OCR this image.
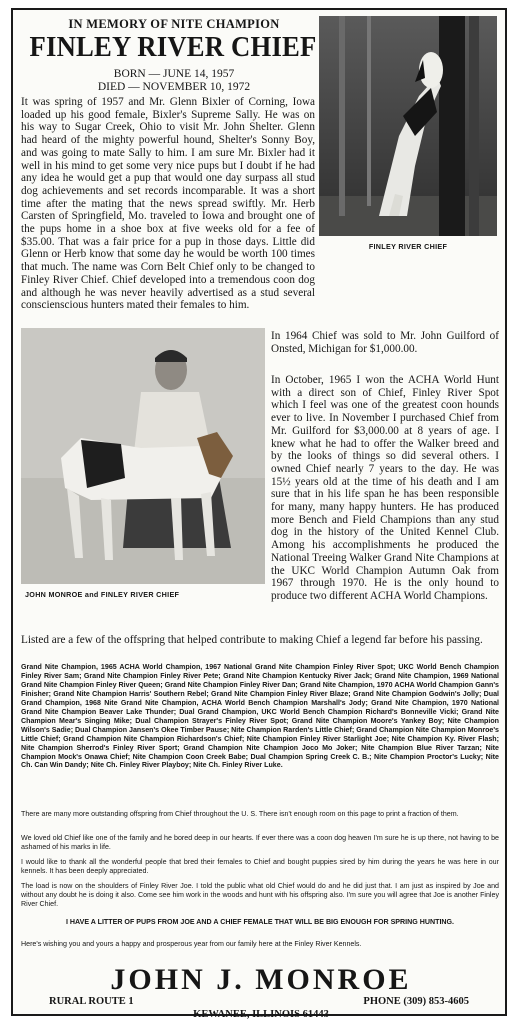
IN MEMORY OF NITE CHAMPION
FINLEY RIVER CHIEF
BORN — JUNE 14, 1957
DIED — NOVEMBER 10, 1972
FINLEY RIVER CHIEF
It was spring of 1957 and Mr. Glenn Bixler of Corning, Iowa loaded up his good female, Bixler's Supreme Sally. He was on his way to Sugar Creek, Ohio to visit Mr. John Shelter. Glenn had heard of the mighty powerful hound, Shelter's Sonny Boy, and was going to mate Sally to him. I am sure Mr. Bixler had it well in his mind to get some very nice pups but I doubt if he had any idea he would get a pup that would one day surpass all stud dog achievements and set records incomparable. It was a short time after the mating that the news spread swiftly. Mr. Herb Carsten of Springfield, Mo. traveled to Iowa and brought one of the pups home in a shoe box at five weeks old for a fee of $35.00. That was a fair price for a pup in those days. Little did Glenn or Herb know that some day he would be worth 100 times that much. The name was Corn Belt Chief only to be changed to Finley River Chief. Chief developed into a tremendous coon dog and although he was never heavily advertised as a stud several conscienscious hunters mated their females to him.
JOHN MONROE and FINLEY RIVER CHIEF
In 1964 Chief was sold to Mr. John Guilford of Onsted, Michigan for $1,000.00.
In October, 1965 I won the ACHA World Hunt with a direct son of Chief, Finley River Spot which I feel was one of the greatest coon hounds ever to live. In November I purchased Chief from Mr. Guilford for $3,000.00 at 8 years of age. I knew what he had to offer the Walker breed and by the looks of things so did several others. I owned Chief nearly 7 years to the day. He was 15½ years old at the time of his death and I am sure that in his life span he has been responsible for many, many happy hunters. He has produced more Bench and Field Champions than any stud dog in the history of the United Kennel Club. Among his accomplishments he produced the National Treeing Walker Grand Nite Champions at the UKC World Champion Autumn Oak from 1967 through 1970. He is the only hound to produce two different ACHA World Champions.
Listed are a few of the offspring that helped contribute to making Chief a legend far before his passing.
Grand Nite Champion, 1965 ACHA World Champion, 1967 National Grand Nite Champion Finley River Spot; UKC World Bench Champion Finley River Sam; Grand Nite Champion Finley River Pete; Grand Nite Champion Kentucky River Jack; Grand Nite Champion, 1969 National Grand Nite Champion Finley River Queen; Grand Nite Champion Finley River Dan; Grand Nite Champion, 1970 ACHA World Champion Gann's Finisher; Grand Nite Champion Harris' Southern Rebel; Grand Nite Champion Finley River Blaze; Grand Nite Champion Godwin's Jolly; Dual Grand Champion, 1968 Nite Grand Nite Champion, ACHA World Bench Champion Marshall's Jody; Grand Nite Champion, 1970 National Grand Nite Champion Beaver Lake Thunder; Dual Grand Champion, UKC World Bench Champion Richard's Bonneville Vicki; Grand Nite Champion Mear's Singing Mike; Dual Champion Strayer's Finley River Spot; Grand Nite Champion Moore's Yankey Boy; Nite Champion Wilson's Sadie; Dual Champion Jansen's Okee Timber Pause; Nite Champion Rarden's Little Chief; Grand Champion Nite Champion Monroe's Little Chief; Grand Champion Nite Champion Richardson's Chief; Nite Champion Finley River Starlight Joe; Nite Champion Ky. River Flash; Nite Champion Sherrod's Finley River Sport; Grand Champion Nite Champion Joco Mo Joker; Nite Champion Blue River Tarzan; Nite Champion Mock's Onawa Chief; Nite Champion Coon Creek Babe; Dual Champion Spring Creek C. B.; Nite Champion Proctor's Lucky; Nite Ch. Can Win Dandy; Nite Ch. Finley River Playboy; Nite Ch. Finley River Luke.
There are many more outstanding offspring from Chief throughout the U. S. There isn't enough room on this page to print a fraction of them.
We loved old Chief like one of the family and he bored deep in our hearts. If ever there was a coon dog heaven I'm sure he is up there, not having to be ashamed of his marks in life.
I would like to thank all the wonderful people that bred their females to Chief and bought puppies sired by him during the years he was here in our kennels. It has been deeply appreciated.
The load is now on the shoulders of Finley River Joe. I told the public what old Chief would do and he did just that. I am just as inspired by Joe and without any doubt he is doing it also. Come see him work in the woods and hunt with his offspring also. I'm sure you will agree that Joe is another Finley River Chief.
I HAVE A LITTER OF PUPS FROM JOE AND A CHIEF FEMALE THAT WILL BE BIG ENOUGH FOR SPRING HUNTING.
Here's wishing you and yours a happy and prosperous year from our family here at the Finley River Kennels.
JOHN J. MONROE
RURAL ROUTE 1	PHONE (309) 853-4605
KEWANEE, ILLINOIS 61443
